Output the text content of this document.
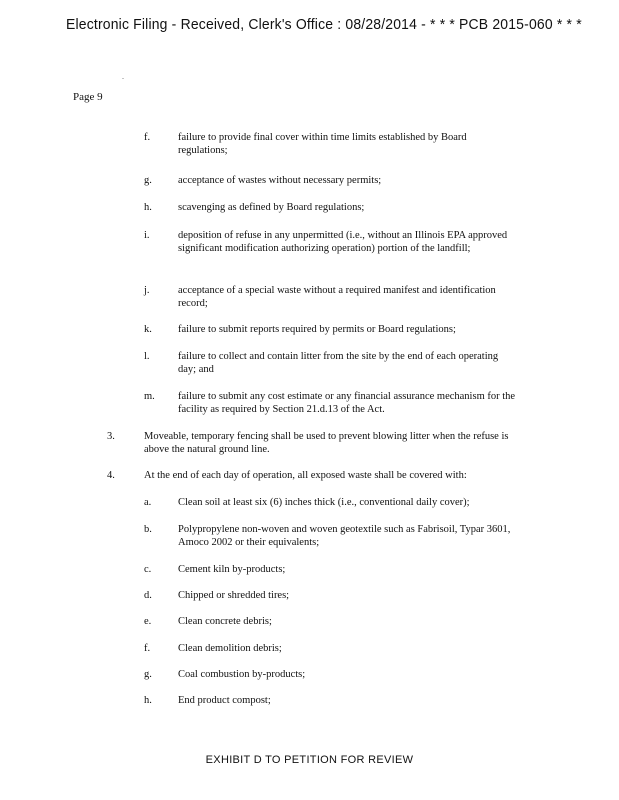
Electronic Filing - Received, Clerk's Office : 08/28/2014 - * * * PCB 2015-060 * * *
.
Page 9
f.	failure to provide final cover within time limits established by Board regulations;
g. acceptance of wastes without necessary permits;
h. scavenging as defined by Board regulations;
i.	deposition of refuse in any unpermitted (i.e., without an Illinois EPA approved significant modification authorizing operation) portion of the landfill;
j.	acceptance of a special waste without a required manifest and identification record;
k. failure to submit reports required by permits or Board regulations;
l.	failure to collect and contain litter from the site by the end of each operating day; and
m. failure to submit any cost estimate or any financial assurance mechanism for the facility as required by Section 21.d.13 of the Act.
3.	Moveable, temporary fencing shall be used to prevent blowing litter when the refuse is above the natural ground line.
4.	At the end of each day of operation, all exposed waste shall be covered with:
a.	Clean soil at least six (6) inches thick (i.e., conventional daily cover);
b. Polypropylene non-woven and woven geotextile such as Fabrisoil, Typar 3601, Amoco 2002 or their equivalents;
c.	Cement kiln by-products;
d. Chipped or shredded tires;
e.	Clean concrete debris;
f.	Clean demolition debris;
g. Coal combustion by-products;
h. End product compost;
EXHIBIT D TO PETITION FOR REVIEW
